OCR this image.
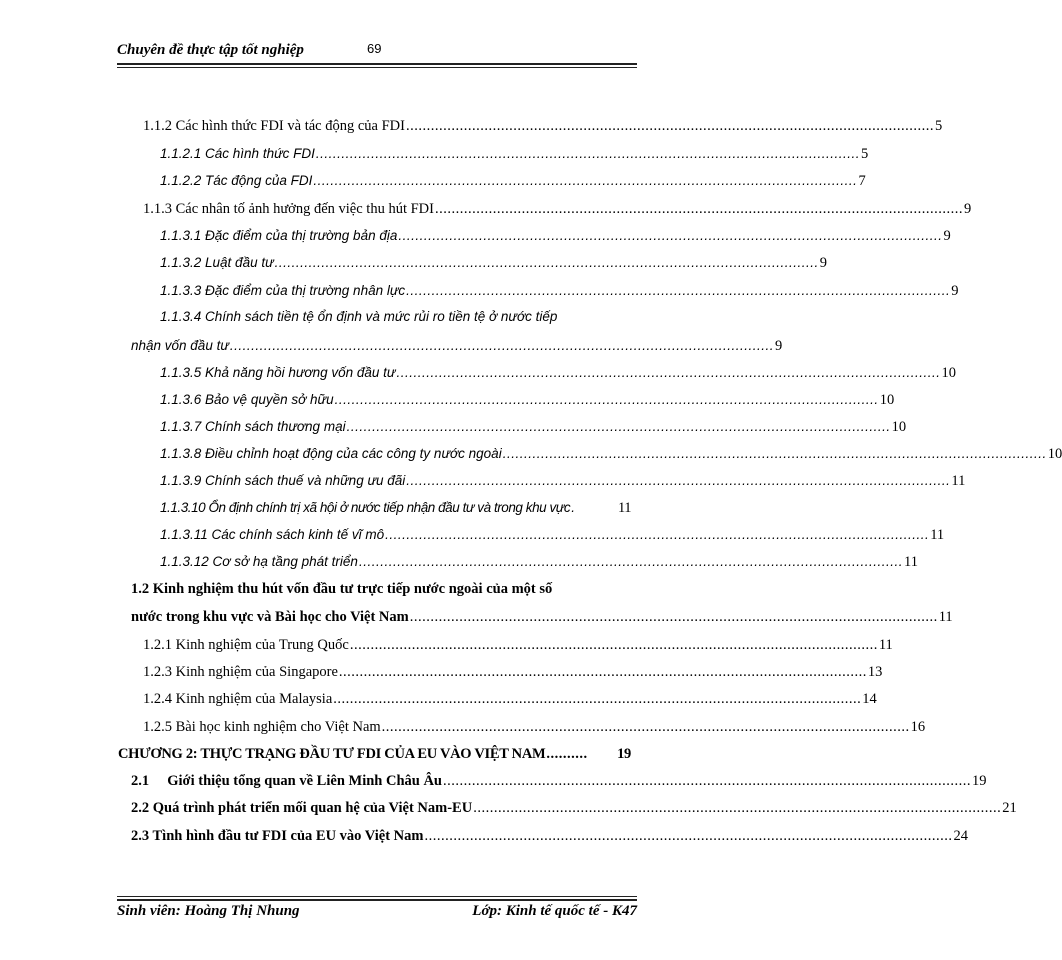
Chuyên đề thực tập tốt nghiệp	69
1.1.2 Các hình thức FDI và tác động của FDI ................................................................................................................................ 5
1.1.2.1 Các hình thức FDI ................................................................................................................................ 5
1.1.2.2 Tác động của FDI ................................................................................................................................ 7
1.1.3 Các nhân tố ảnh hưởng đến việc thu hút FDI ................................................................................................................................ 9
1.1.3.1 Đặc điểm của thị trường bản địa ................................................................................................................................ 9
1.1.3.2 Luật đầu tư ................................................................................................................................ 9
1.1.3.3 Đặc điểm của thị trường nhân lực ................................................................................................................................ 9
1.1.3.4 Chính sách tiền tệ ổn định và mức rủi ro tiền tệ ở nước tiếp
nhận vốn đầu tư ................................................................................................................................ 9
1.1.3.5 Khả năng hồi hương vốn đầu tư ................................................................................................................................ 10
1.1.3.6 Bảo vệ quyền sở hữu ................................................................................................................................ 10
1.1.3.7 Chính sách thương mại ................................................................................................................................ 10
1.1.3.8 Điều chỉnh hoạt động của các công ty nước ngoài ................................................................................................................................ 10
1.1.3.9 Chính sách thuế và những ưu đãi ................................................................................................................................ 11
1.1.3.10 Ổn định chính trị xã hội ở nước tiếp nhận đầu tư và trong khu vực .	11
1.1.3.11 Các chính sách kinh tế vĩ mô ................................................................................................................................ 11
1.1.3.12 Cơ sở hạ tầng phát triển ................................................................................................................................ 11
1.2 Kinh nghiệm thu hút vốn đầu tư trực tiếp nước ngoài của một số
nước trong khu vực và Bài học cho Việt Nam ................................................................................................................................ 11
1.2.1 Kinh nghiệm của Trung Quốc ................................................................................................................................ 11
1.2.3 Kinh nghiệm của Singapore ................................................................................................................................ 13
1.2.4 Kinh nghiệm của Malaysia ................................................................................................................................ 14
1.2.5 Bài học kinh nghiệm cho Việt Nam ................................................................................................................................ 16
CHƯƠNG 2: THỰC TRẠNG ĐẦU TƯ FDI CỦA EU VÀO VIỆT NAM ..........	19
2.1     Giới thiệu tổng quan về Liên Minh Châu Âu ................................................................................................................................ 19
2.2 Quá trình phát triển mối quan hệ của Việt Nam-EU ................................................................................................................................ 21
2.3 Tình hình đầu tư FDI của EU vào Việt Nam ................................................................................................................................ 24
Sinh viên: Hoàng Thị Nhung	Lớp: Kinh tế quốc tế - K47
